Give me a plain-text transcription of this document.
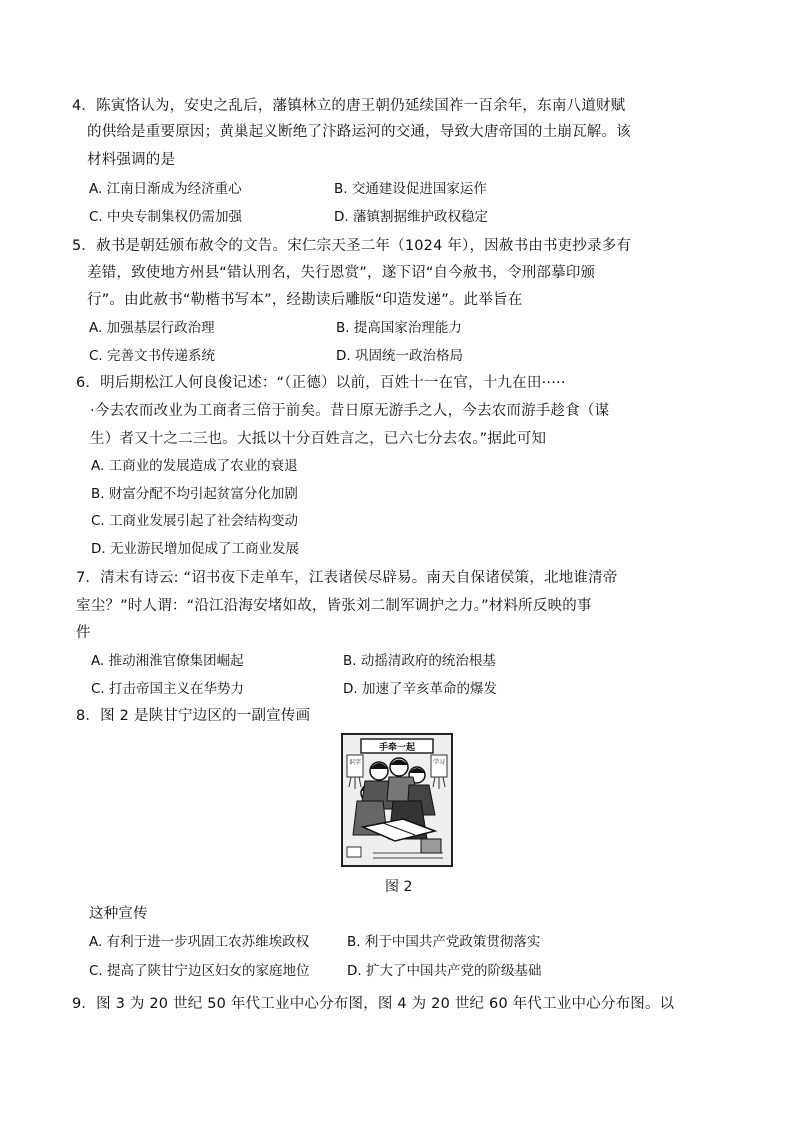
4．陈寅恪认为，安史之乱后，藩镇林立的唐王朝仍延续国祚一百余年，东南八道财赋
的供给是重要原因；黄巢起义断绝了汴路运河的交通，导致大唐帝国的土崩瓦解。该
材料强调的是
A. 江南日渐成为经济重心	B. 交通建设促进国家运作
C. 中央专制集权仍需加强	D. 藩镇割据维护政权稳定
5．赦书是朝廷颁布赦令的文告。宋仁宗天圣二年（1024 年），因赦书由书吏抄录多有
差错，致使地方州县“错认刑名，失行恩赏”，遂下诏“自今赦书，令刑部摹印颁
行”。由此赦书“勒楷书写本”，经勘读后雕版“印造发递”。此举旨在
A. 加强基层行政治理	B. 提高国家治理能力
C. 完善文书传递系统	D. 巩固统一政治格局
6．明后期松江人何良俊记述：“（正德）以前，百姓十一在官，十九在田·····
·今去农而改业为工商者三倍于前矣。昔日原无游手之人，今去农而游手趁食（谋
生）者又十之二三也。大抵以十分百姓言之，已六七分去农。”据此可知
A. 工商业的发展造成了农业的衰退
B. 财富分配不均引起贫富分化加剧
C. 工商业发展引起了社会结构变动
D. 无业游民增加促成了工商业发展
7．清末有诗云: “诏书夜下走单车，江表诸侯尽辟易。南天自保诸侯策，北地谁清帝
室尘？”时人谓：“沿江沿海安堵如故，皆张刘二制军调护之力。”材料所反映的事
件
A. 推动湘淮官僚集团崛起	B. 动摇清政府的统治根基
C. 打击帝国主义在华势力	D. 加速了辛亥革命的爆发
8．图 2 是陕甘宁边区的一副宣传画
手牵一起
识字	学习
图 2
这种宣传
A. 有利于进一步巩固工农苏维埃政权	B. 利于中国共产党政策贯彻落实
C. 提高了陕甘宁边区妇女的家庭地位	D. 扩大了中国共产党的阶级基础
9．图 3 为 20 世纪 50 年代工业中心分布图，图 4 为 20 世纪 60 年代工业中心分布图。以
